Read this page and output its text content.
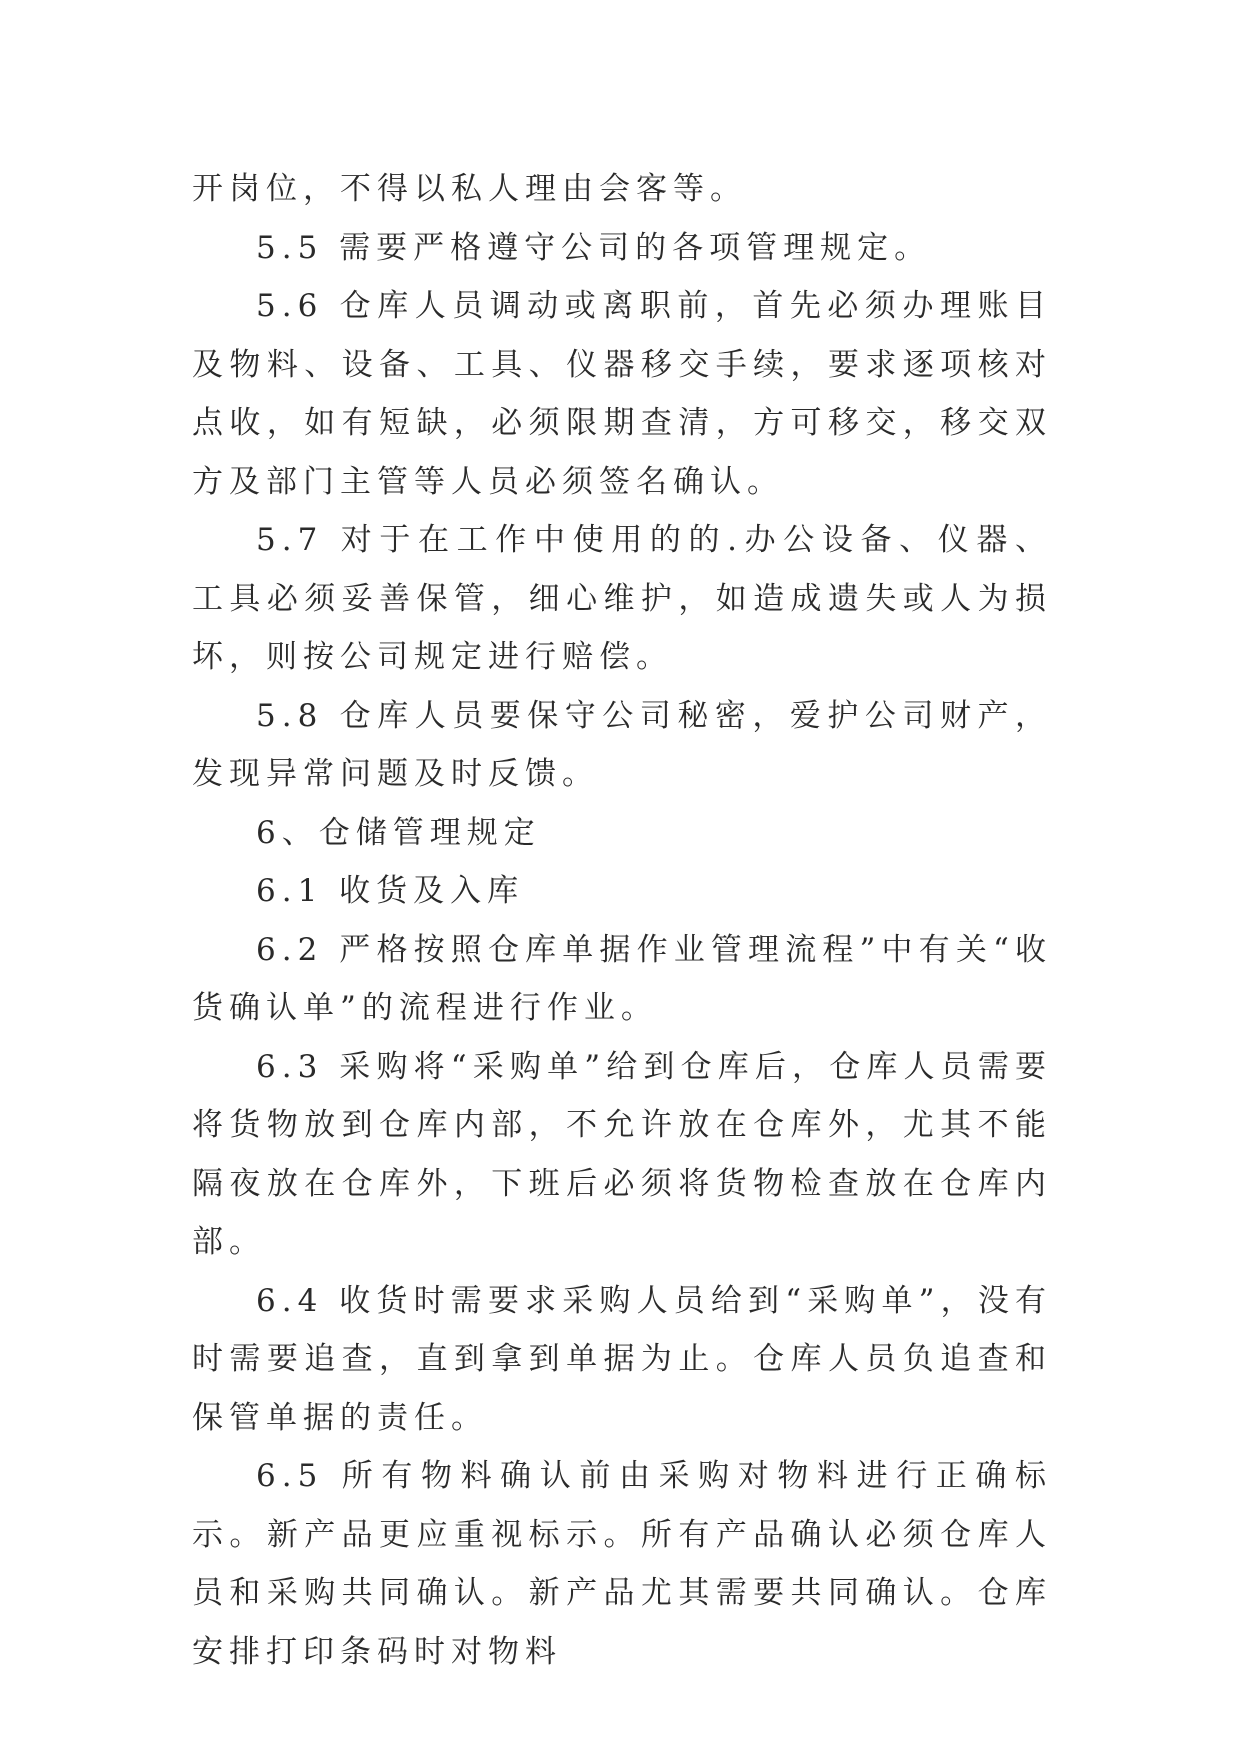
开岗位，不得以私人理由会客等。

5.5 需要严格遵守公司的各项管理规定。

5.6 仓库人员调动或离职前，首先必须办理账目及物料、设备、工具、仪器移交手续，要求逐项核对点收，如有短缺，必须限期查清，方可移交，移交双方及部门主管等人员必须签名确认。

5.7 对于在工作中使用的的.办公设备、仪器、工具必须妥善保管，细心维护，如造成遗失或人为损坏，则按公司规定进行赔偿。

5.8 仓库人员要保守公司秘密，爱护公司财产，发现异常问题及时反馈。

6、仓储管理规定

6.1 收货及入库

6.2 严格按照仓库单据作业管理流程”中有关“收货确认单”的流程进行作业。

6.3 采购将“采购单”给到仓库后，仓库人员需要将货物放到仓库内部，不允许放在仓库外，尤其不能隔夜放在仓库外，下班后必须将货物检查放在仓库内部。

6.4 收货时需要求采购人员给到“采购单”，没有时需要追查，直到拿到单据为止。仓库人员负追查和保管单据的责任。

6.5 所有物料确认前由采购对物料进行正确标示。新产品更应重视标示。所有产品确认必须仓库人员和采购共同确认。新产品尤其需要共同确认。仓库安排打印条码时对物料
